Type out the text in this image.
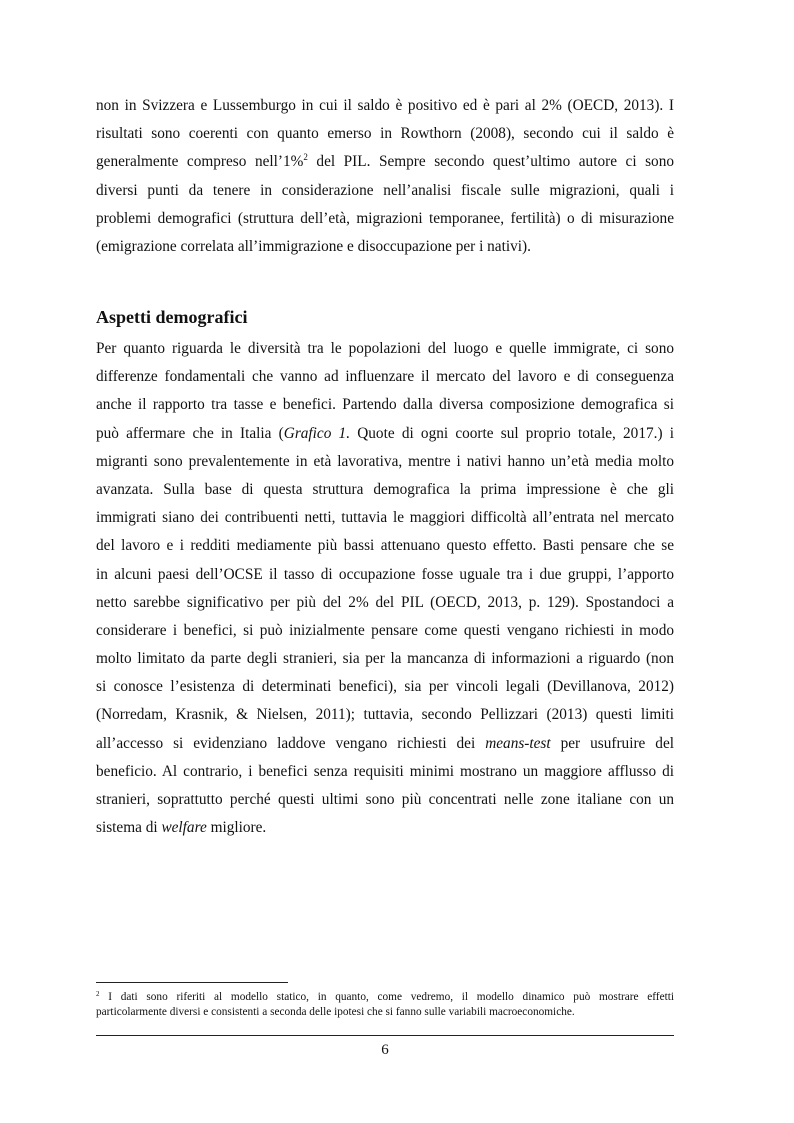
non in Svizzera e Lussemburgo in cui il saldo è positivo ed è pari al 2% (OECD, 2013). I
risultati sono coerenti con quanto emerso in Rowthorn (2008), secondo cui il saldo è
generalmente compreso nell’1%$^2$ del PIL. Sempre secondo quest’ultimo autore ci sono
diversi punti da tenere in considerazione nell’analisi fiscale sulle migrazioni, quali i
problemi demografici (struttura dell’età, migrazioni temporanee, fertilità) o di misurazione
(emigrazione correlata all’immigrazione e disoccupazione per i nativi).
Aspetti demografici
Per quanto riguarda le diversità tra le popolazioni del luogo e quelle immigrate, ci sono
differenze fondamentali che vanno ad influenzare il mercato del lavoro e di conseguenza
anche il rapporto tra tasse e benefici. Partendo dalla diversa composizione demografica si
può affermare che in Italia (Grafico 1. Quote di ogni coorte sul proprio totale, 2017.) i
migranti sono prevalentemente in età lavorativa, mentre i nativi hanno un’età media molto
avanzata. Sulla base di questa struttura demografica la prima impressione è che gli
immigrati siano dei contribuenti netti, tuttavia le maggiori difficoltà all’entrata nel mercato
del lavoro e i redditi mediamente più bassi attenuano questo effetto. Basti pensare che se
in alcuni paesi dell’OCSE il tasso di occupazione fosse uguale tra i due gruppi, l’apporto
netto sarebbe significativo per più del 2% del PIL (OECD, 2013, p. 129). Spostandoci a
considerare i benefici, si può inizialmente pensare come questi vengano richiesti in modo
molto limitato da parte degli stranieri, sia per la mancanza di informazioni a riguardo (non
si conosce l’esistenza di determinati benefici), sia per vincoli legali (Devillanova, 2012)
(Norredam, Krasnik, & Nielsen, 2011); tuttavia, secondo Pellizzari (2013) questi limiti
all’accesso si evidenziano laddove vengano richiesti dei means-test per usufruire del
beneficio. Al contrario, i benefici senza requisiti minimi mostrano un maggiore afflusso di
stranieri, soprattutto perché questi ultimi sono più concentrati nelle zone italiane con un
sistema di welfare migliore.
$^2$ I dati sono riferiti al modello statico, in quanto, come vedremo, il modello dinamico può mostrare effetti
particolarmente diversi e consistenti a seconda delle ipotesi che si fanno sulle variabili macroeconomiche.
6
